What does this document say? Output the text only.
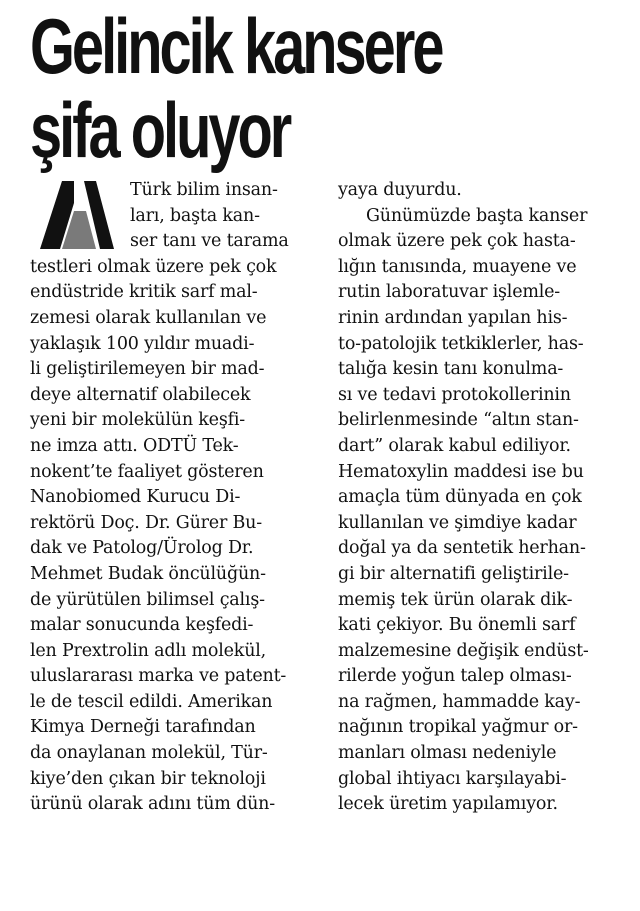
Gelincik kansere
şifa oluyor
Türk bilim insan-
ları, başta kan-
ser tanı ve tarama
testleri olmak üzere pek çok
endüstride kritik sarf mal-
zemesi olarak kullanılan ve
yaklaşık 100 yıldır muadi-
li geliştirilemeyen bir mad-
deye alternatif olabilecek
yeni bir molekülün keşfi-
ne imza attı. ODTÜ Tek-
nokent’te faaliyet gösteren
Nanobiomed Kurucu Di-
rektörü Doç. Dr. Gürer Bu-
dak ve Patolog/Ürolog Dr.
Mehmet Budak öncülüğün-
de yürütülen bilimsel çalış-
malar sonucunda keşfedi-
len Prextrolin adlı molekül,
uluslararası marka ve patent-
le de tescil edildi. Amerikan
Kimya Derneği tarafından
da onaylanan molekül, Tür-
kiye’den çıkan bir teknoloji
ürünü olarak adını tüm dün-
yaya duyurdu.
Günümüzde başta kanser
olmak üzere pek çok hasta-
lığın tanısında, muayene ve
rutin laboratuvar işlemle-
rinin ardından yapılan his-
to-patolojik tetkiklerler, has-
talığa kesin tanı konulma-
sı ve tedavi protokollerinin
belirlenmesinde “altın stan-
dart” olarak kabul ediliyor.
Hematoxylin maddesi ise bu
amaçla tüm dünyada en çok
kullanılan ve şimdiye kadar
doğal ya da sentetik herhan-
gi bir alternatifi geliştirile-
memiş tek ürün olarak dik-
kati çekiyor. Bu önemli sarf
malzemesine değişik endüst-
rilerde yoğun talep olması-
na rağmen, hammadde kay-
nağının tropikal yağmur or-
manları olması nedeniyle
global ihtiyacı karşılayabi-
lecek üretim yapılamıyor.
